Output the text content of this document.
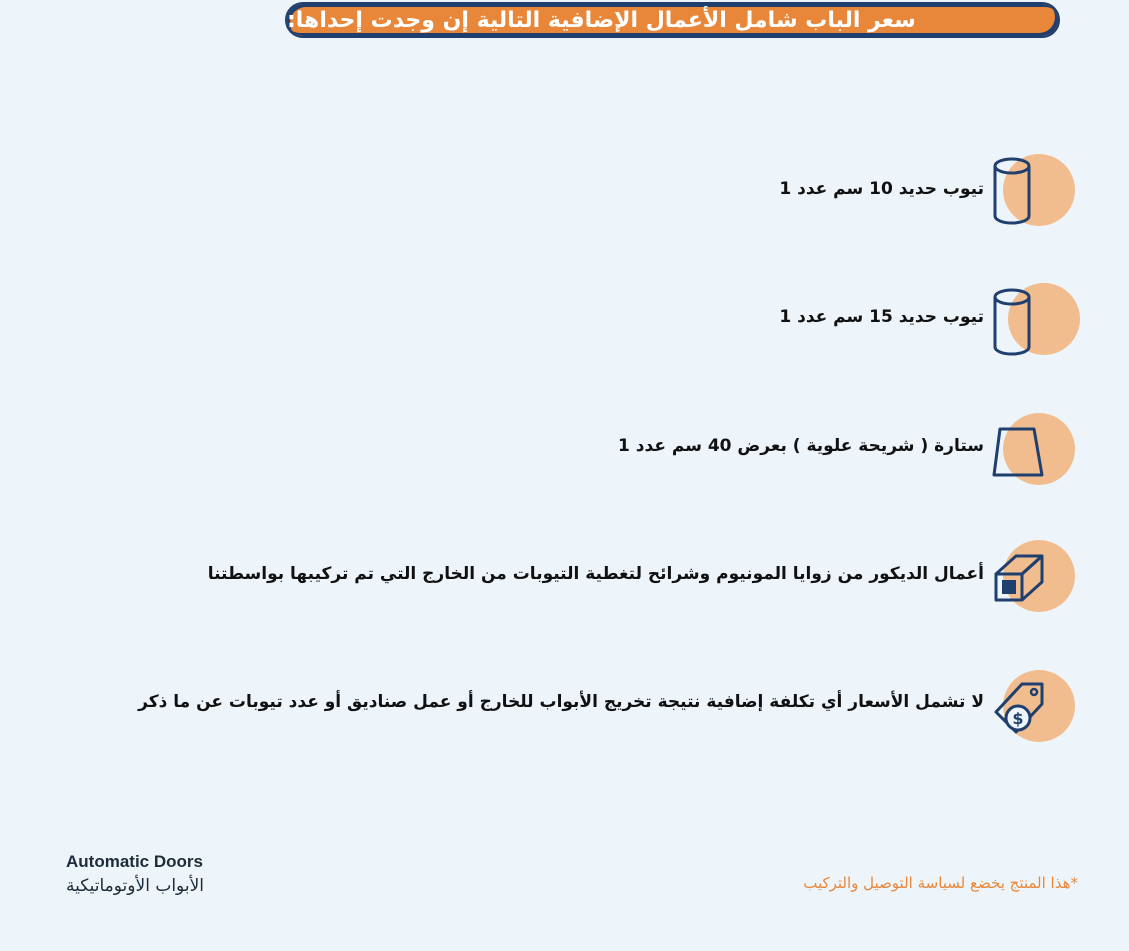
سعر الباب شامل الأعمال الإضافية التالية إن وجدت إحداها:
تيوب حديد 10 سم عدد 1
تيوب حديد 15 سم عدد 1
ستارة ( شريحة علوية ) بعرض 40 سم عدد 1
أعمال الديكور من زوايا المونيوم وشرائح لتغطية التيوبات من الخارج التي تم تركيبها بواسطتنا
$
لا تشمل الأسعار أي تكلفة إضافية نتيجة تخريج الأبواب للخارج أو عمل صناديق أو عدد تيوبات عن ما ذكر
Automatic Doors
الأبواب الأوتوماتيكية	*هذا المنتج يخضع لسياسة التوصيل والتركيب
